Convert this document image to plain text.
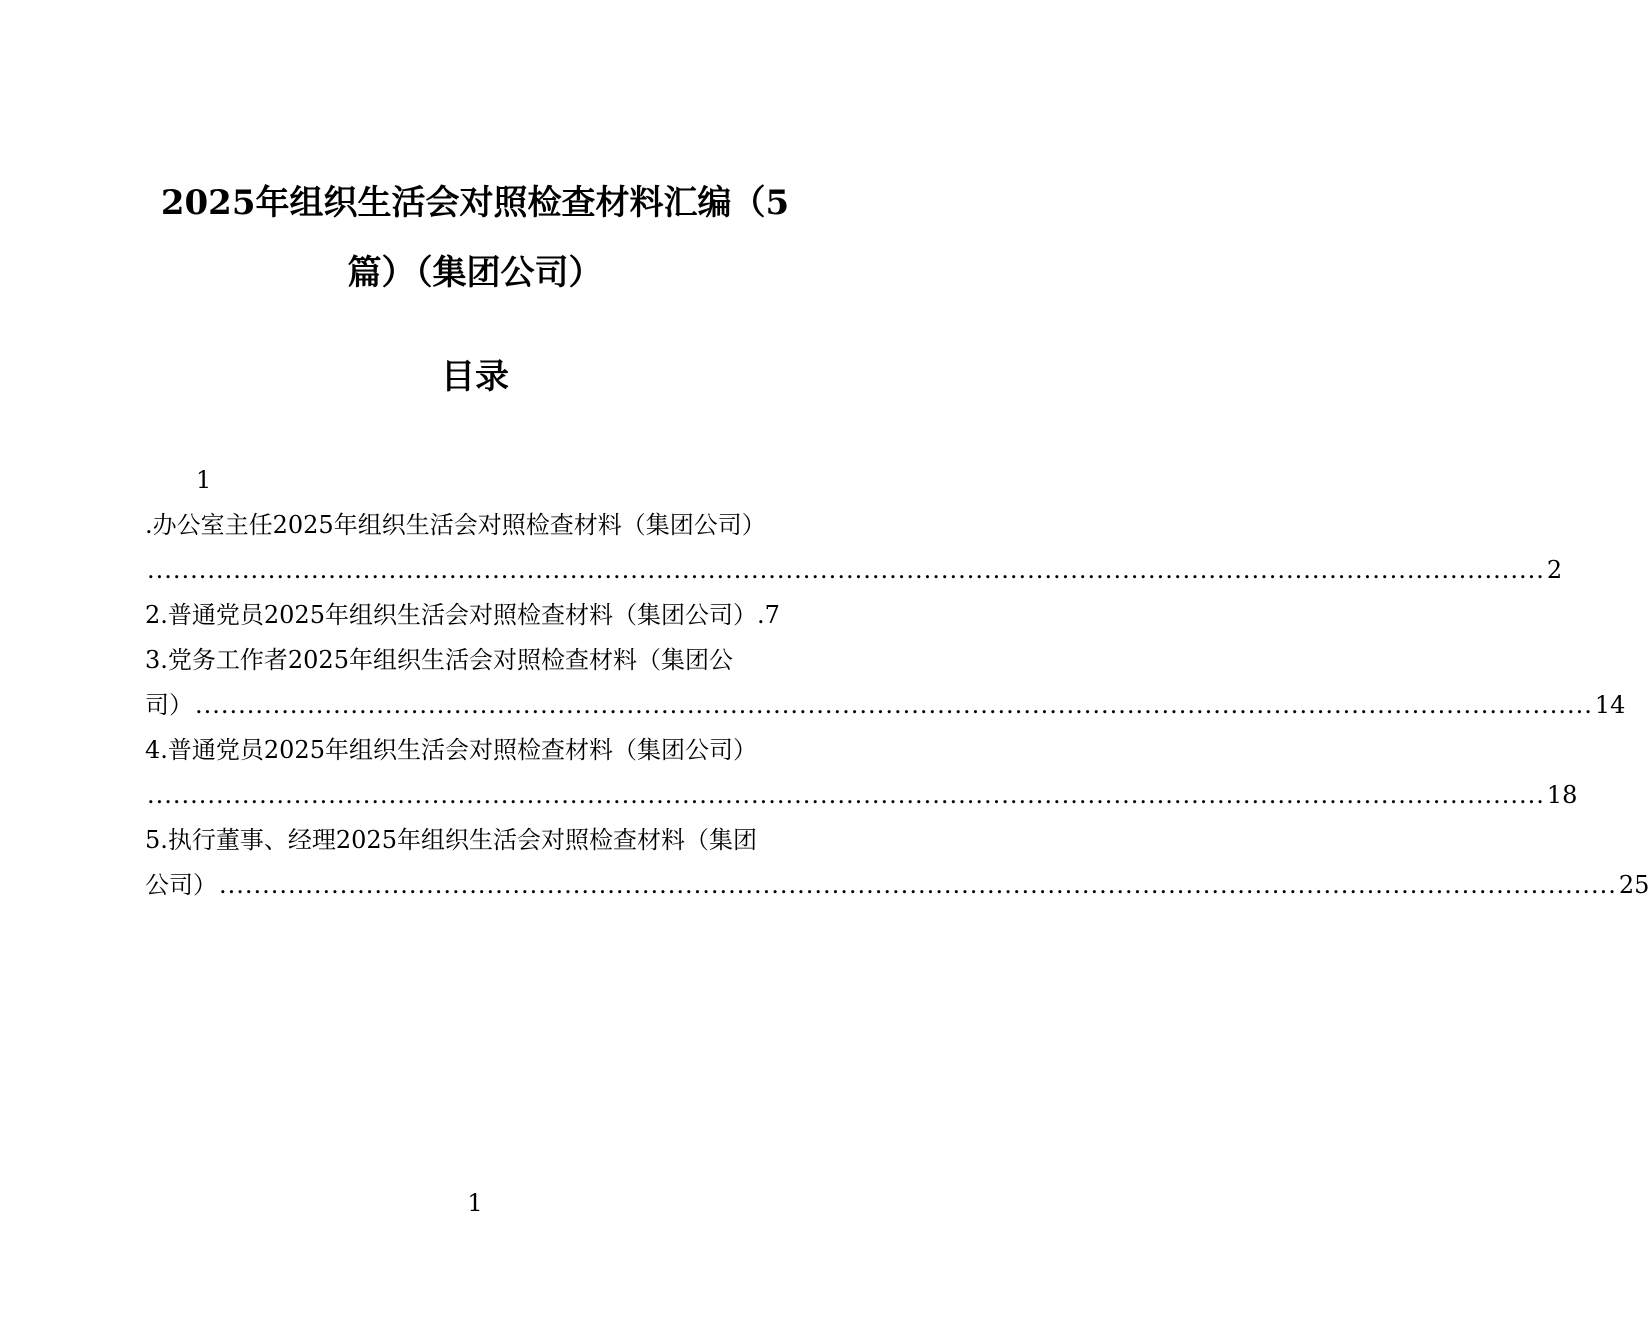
2025年组织生活会对照检查材料汇编（5
篇）（集团公司）
目录
1
.办公室主任2025年组织生活会对照检查材料（集团公司）
.................................................................................................................................................................. 2
2.普通党员2025年组织生活会对照检查材料（集团公司） .7
3.党务工作者2025年组织生活会对照检查材料（集团公
司） .................................................................................................................................................................. 14
4.普通党员2025年组织生活会对照检查材料（集团公司）
.................................................................................................................................................................. 18
5.执行董事、经理2025年组织生活会对照检查材料（集团
公司） .................................................................................................................................................................. 25
1
